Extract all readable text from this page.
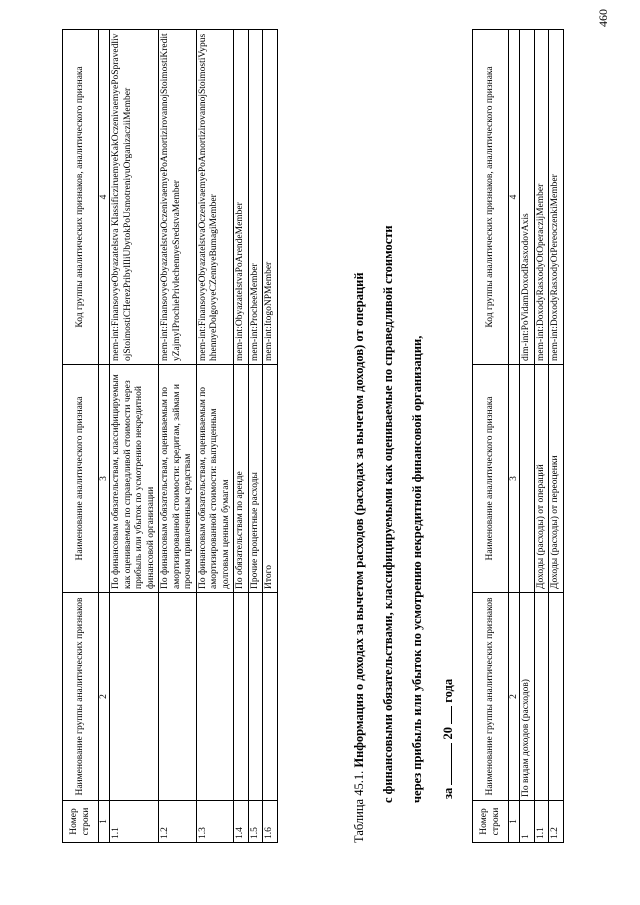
Номер строки	Наименование группы аналитических признаков	Наименование аналитического признака	Код группы аналитических признаков, аналитического признака
1	2	3	4
1.1		По финансовым обязательствам, классифицируемым как оцениваемые по справедливой стоимости через прибыль или убыток по усмотрению некредитной финансовой организации	mem-int:FinansovyeObyazatelstva KlassificziruemyeKakOczenivaemyePoSpravedlivojStoimostiCHerezPribylIliUbytokPoUsmotreniyuOrganizacziiMember
1.2		По финансовым обязательствам, оцениваемым по амортизированной стоимости: кредитам, займам и прочим привлеченным средствам	mem-int:FinansovyeObyazatelstvaOczenivaemyePoAmortizirovannojStoimostiKredityZajmyIProchiePrivlechennyeSredstvaMember
1.3		По финансовым обязательствам, оцениваемым по амортизированной стоимости: выпущенным долговым ценным бумагам	mem-int:FinansovyeObyazatelstvaOczenivaemyePoAmortizirovannojStoimostiVypushhennyeDolgovyeCZennyeBumagiMember
1.4		По обязательствам по аренде	mem-int:ObyazatelstvaPoArendeMember
1.5		Прочие процентные расходы	mem-int:ProcheeMember
1.6		Итого	mem-int:ItogoNPMember
Таблица 45.1. Информация о доходах за вычетом расходов (расходах за вычетом доходов) от операций с финансовыми обязательствами, классифицируемыми как оцениваемые по справедливой стоимости через прибыль или убыток по усмотрению некредитной финансовой организации, за  20  года
Номер строки	Наименование группы аналитических признаков	Наименование аналитического признака	Код группы аналитических признаков, аналитического признака
1	2	3	4
1	По видам доходов (расходов)		dim-int:PoVidamDoxodRasxodovAxis
1.1		Доходы (расходы) от операций	mem-int:DoxodyRasxodyOtOperaczijMember
1.2		Доходы (расходы) от переоценки	mem-int:DoxodyRasxodyOtPereoczenkiMember
460
